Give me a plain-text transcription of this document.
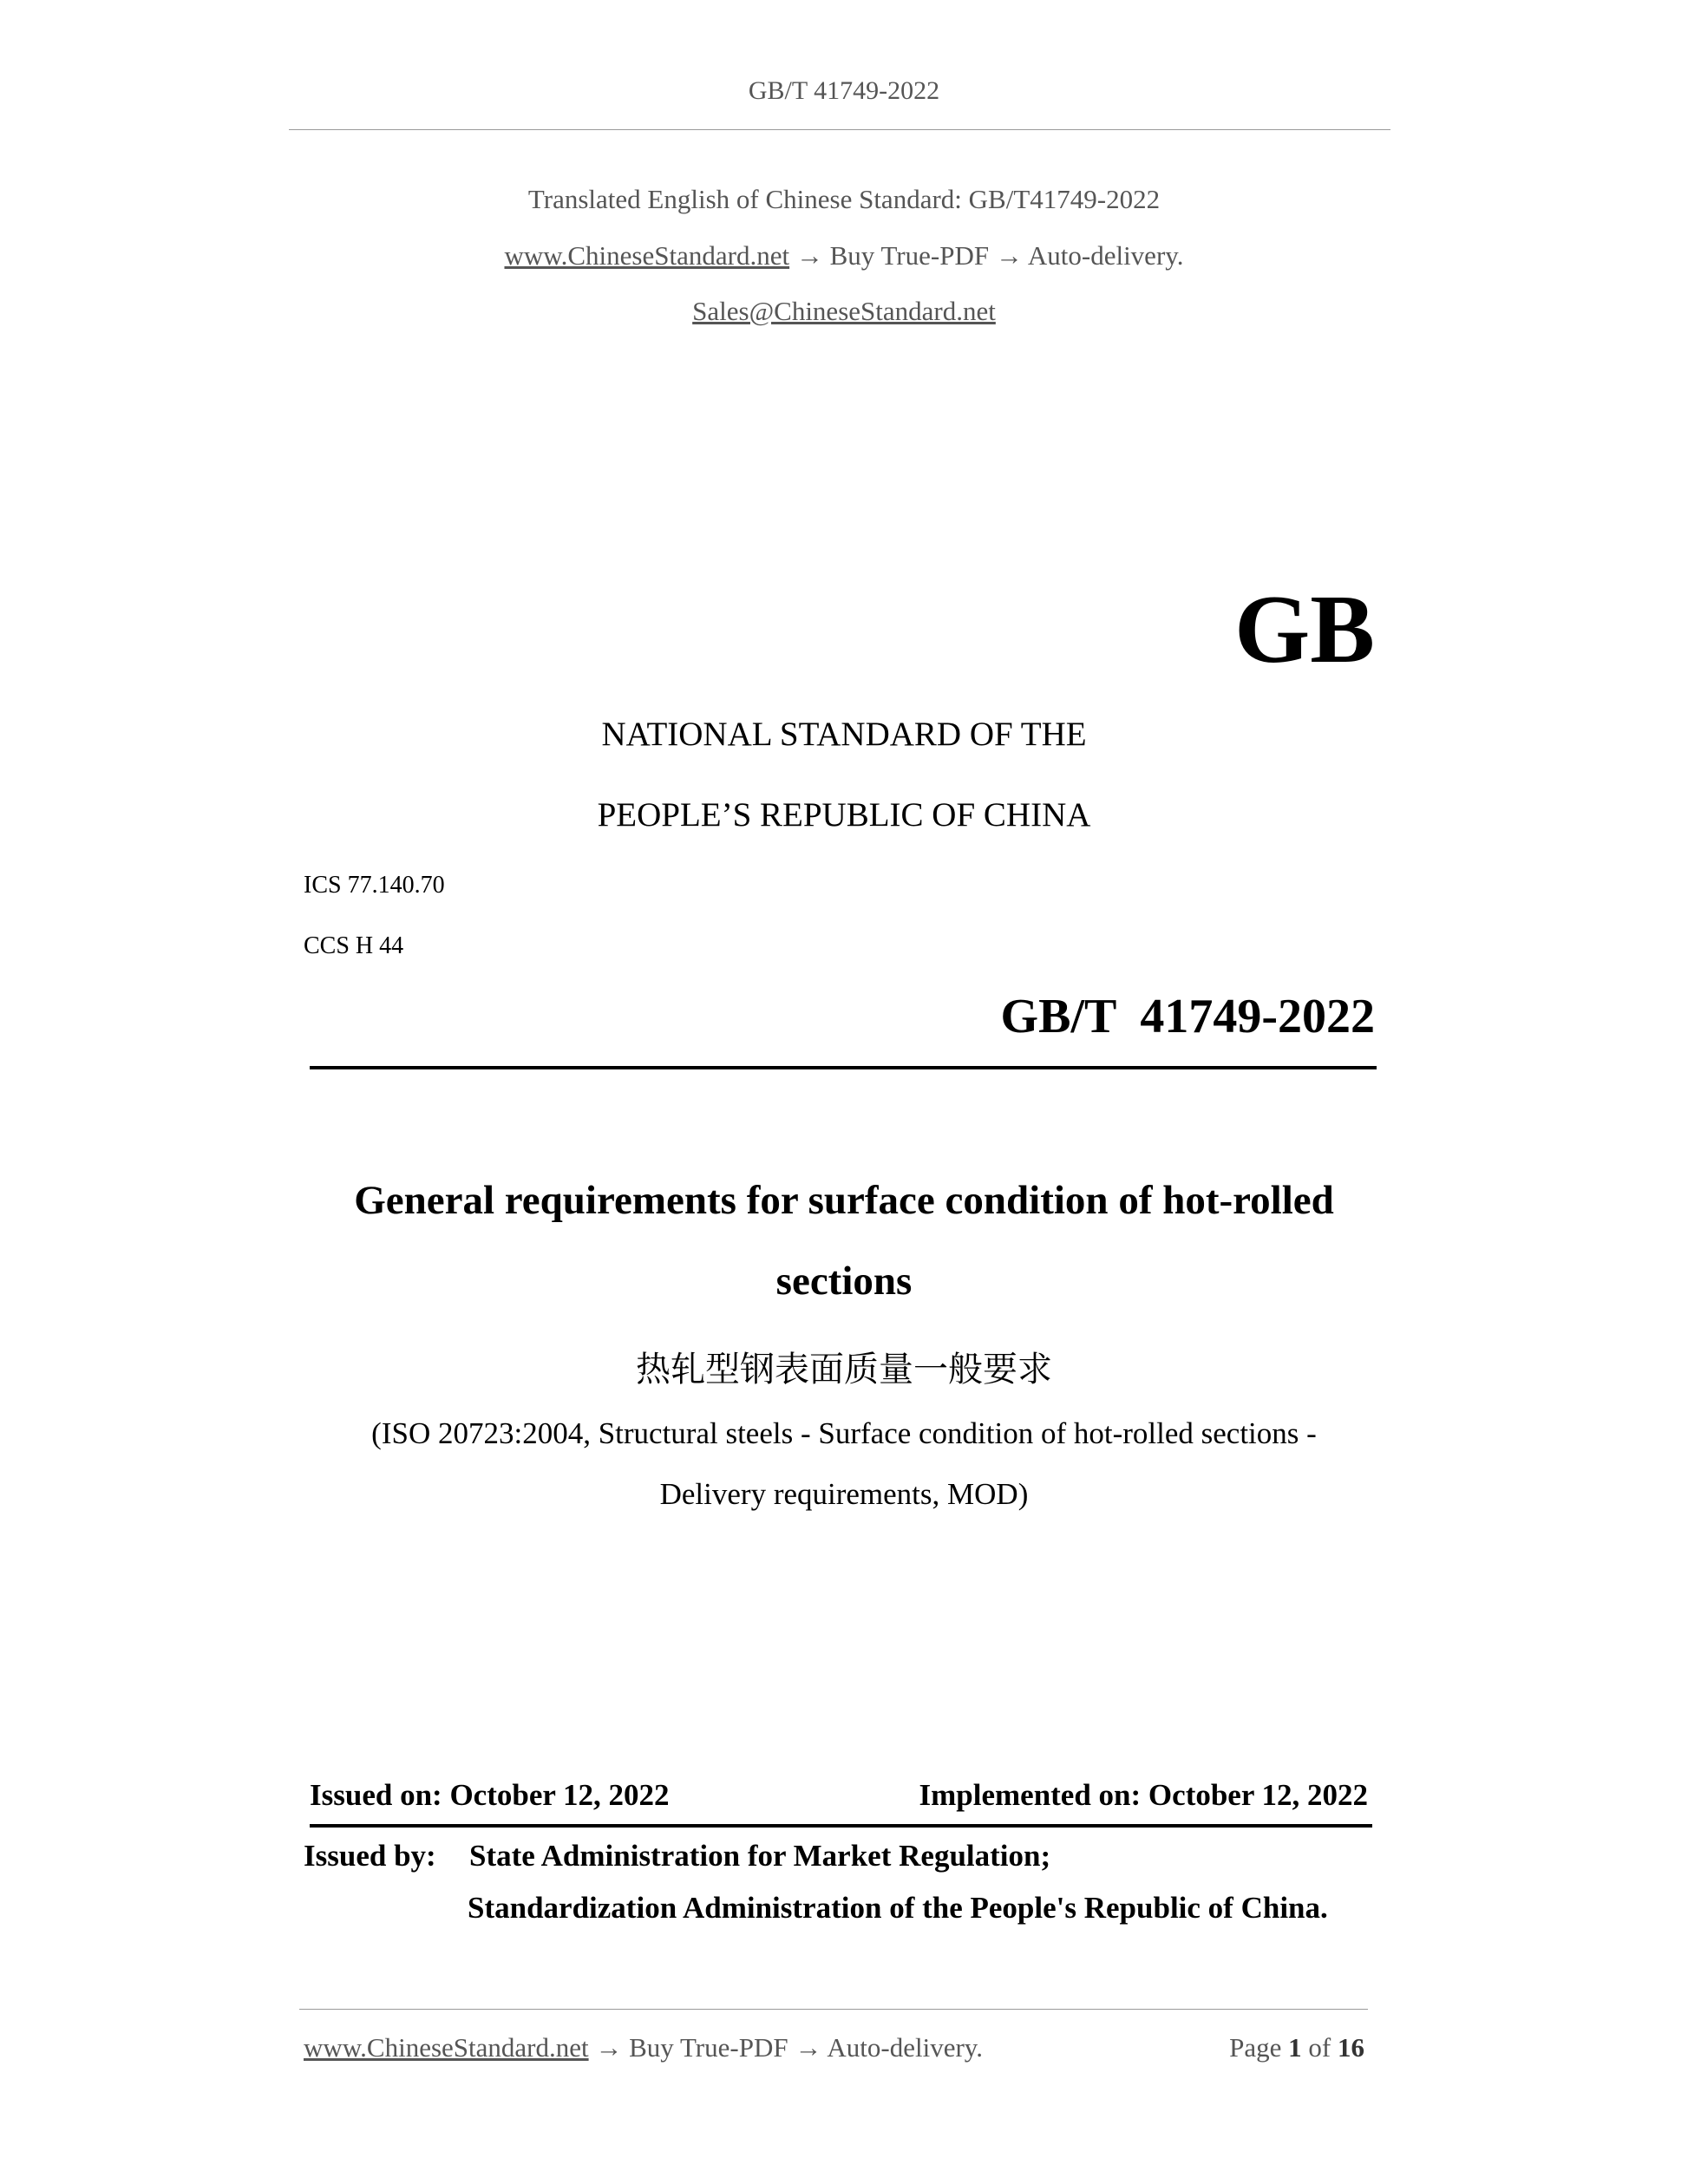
GB/T 41749-2022
Translated English of Chinese Standard: GB/T41749-2022
www.ChineseStandard.net → Buy True-PDF → Auto-delivery.
Sales@ChineseStandard.net
GB
NATIONAL STANDARD OF THE
PEOPLE’S REPUBLIC OF CHINA
ICS 77.140.70
CCS H 44
GB/T  41749-2022
General requirements for surface condition of hot-rolled
sections
热轧型钢表面质量一般要求
(ISO 20723:2004, Structural steels - Surface condition of hot-rolled sections -
Delivery requirements, MOD)
Issued on: October 12, 2022	Implemented on: October 12, 2022
Issued by: State Administration for Market Regulation;
Standardization Administration of the People's Republic of China.
www.ChineseStandard.net → Buy True-PDF → Auto-delivery.	Page 1 of 16
